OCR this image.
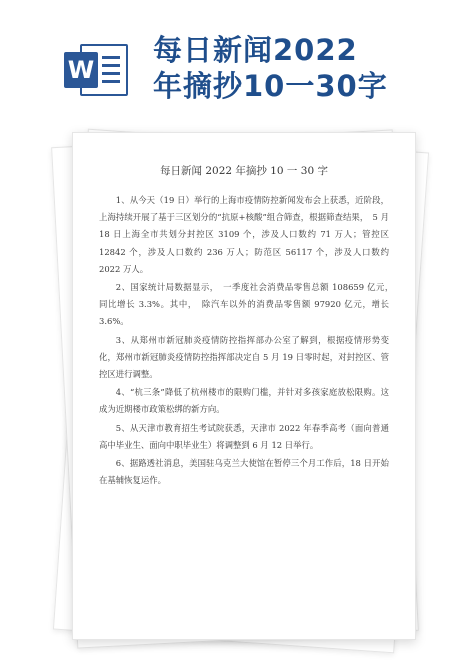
W
每日新闻2022
年摘抄10一30字
每日新闻 2022 年摘抄 10 一 30 字

1、从今天（19 日）举行的上海市疫情防控新闻发布会上获悉，近阶段，上海持续开展了基于三区划分的“抗原+核酸”组合筛查，根据筛查结果，　5 月 18 日上海全市共划分封控区 3109 个，涉及人口数约 71 万人；管控区 12842 个，涉及人口数约 236 万人；防范区 56117 个，涉及人口数约 2022 万人。

2、国家统计局数据显示，　一季度社会消费品零售总额 108659 亿元，　同比增长 3.3%。其中，　除汽车以外的消费品零售额 97920 亿元，增长 3.6%。

3、从郑州市新冠肺炎疫情防控指挥部办公室了解到，根据疫情形势变化，郑州市新冠肺炎疫情防控指挥部决定自 5 月 19 日零时起，对封控区、管控区进行调整。

4、“杭三条”降低了杭州楼市的限购门槛，并针对多孩家庭放松限购。这成为近期楼市政策松绑的新方向。

5、从天津市教育招生考试院获悉，天津市 2022 年春季高考（面向普通高中毕业生、面向中职毕业生）将调整到 6 月 12 日举行。

6、据路透社消息，美国驻乌克兰大使馆在暂停三个月工作后，18 日开始在基辅恢复运作。
